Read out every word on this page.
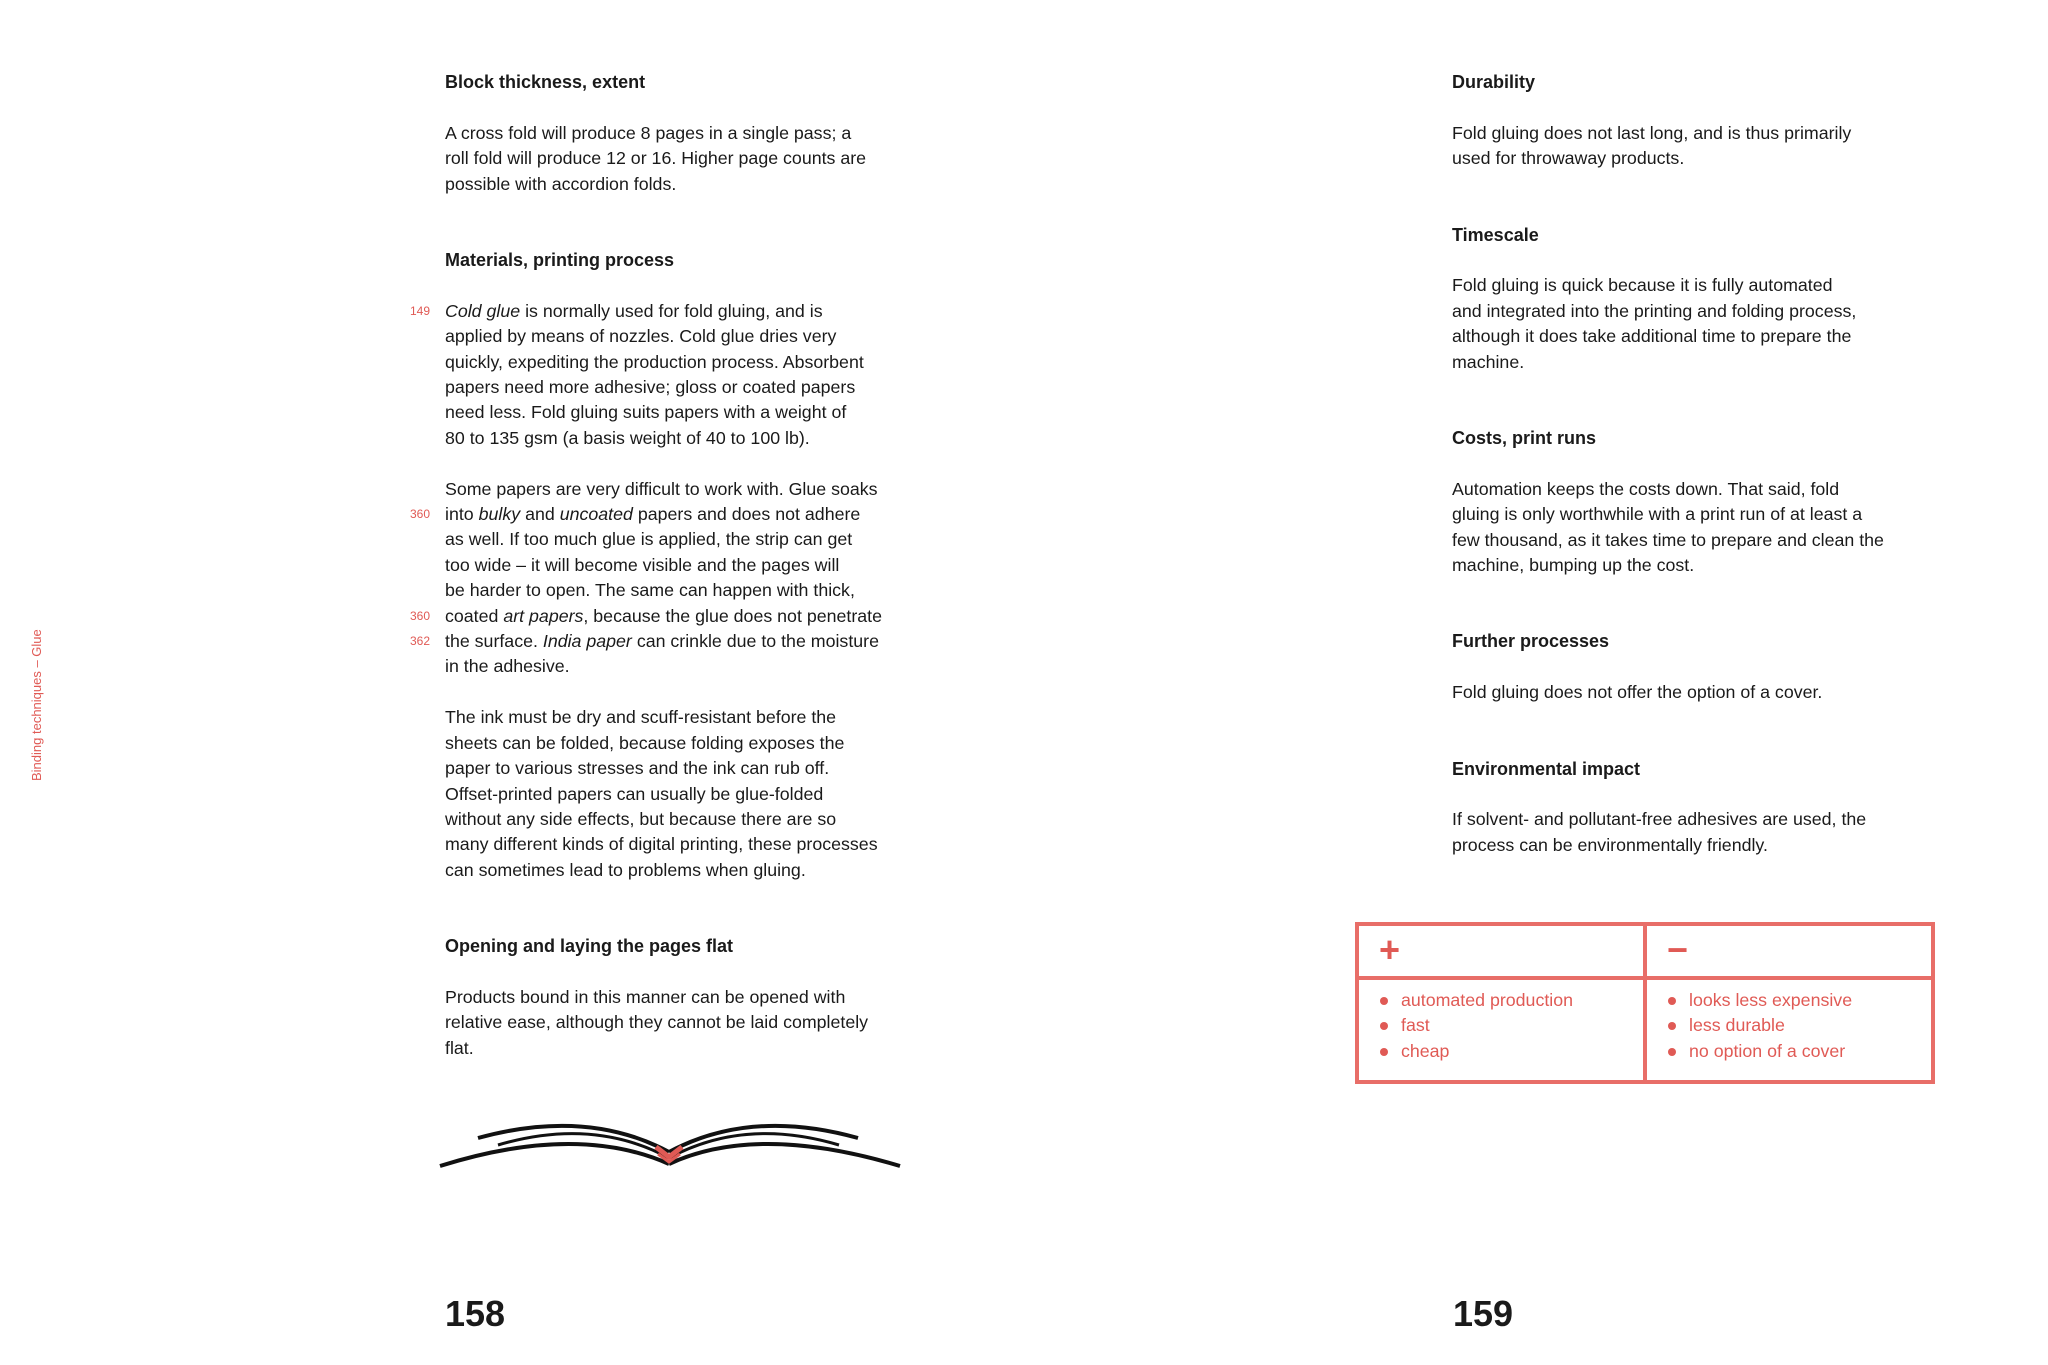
Binding techniques – Glue
Block thickness, extent

A cross fold will produce 8 pages in a single pass; a
roll fold will produce 12 or 16. Higher page counts are
possible with accordion folds.

Materials, printing process

149 Cold glue is normally used for fold gluing, and is
applied by means of nozzles. Cold glue dries very
quickly, expediting the production process. Absorbent
papers need more adhesive; gloss or coated papers
need less. Fold gluing suits papers with a weight of
80 to 135 gsm (a basis weight of 40 to 100 lb).

Some papers are very difficult to work with. Glue soaks
360 into bulky and uncoated papers and does not adhere
as well. If too much glue is applied, the strip can get
too wide – it will become visible and the pages will
be harder to open. The same can happen with thick,
360 coated art papers, because the glue does not penetrate
362 the surface. India paper can crinkle due to the moisture
in the adhesive.

The ink must be dry and scuff-resistant before the
sheets can be folded, because folding exposes the
paper to various stresses and the ink can rub off.
Offset-printed papers can usually be glue-folded
without any side effects, but because there are so
many different kinds of digital printing, these processes
can sometimes lead to problems when gluing.

Opening and laying the pages flat

Products bound in this manner can be opened with
relative ease, although they cannot be laid completely
flat.

158
Durability

Fold gluing does not last long, and is thus primarily
used for throwaway products.

Timescale

Fold gluing is quick because it is fully automated
and integrated into the printing and folding process,
although it does take additional time to prepare the
machine.

Costs, print runs

Automation keeps the costs down. That said, fold
gluing is only worthwhile with a print run of at least a
few thousand, as it takes time to prepare and clean the
machine, bumping up the cost.

Further processes

Fold gluing does not offer the option of a cover.

Environmental impact

If solvent- and pollutant-free adhesives are used, the
process can be environmentally friendly.

+
automated production
fast
cheap
−
looks less expensive
less durable
no option of a cover
159
